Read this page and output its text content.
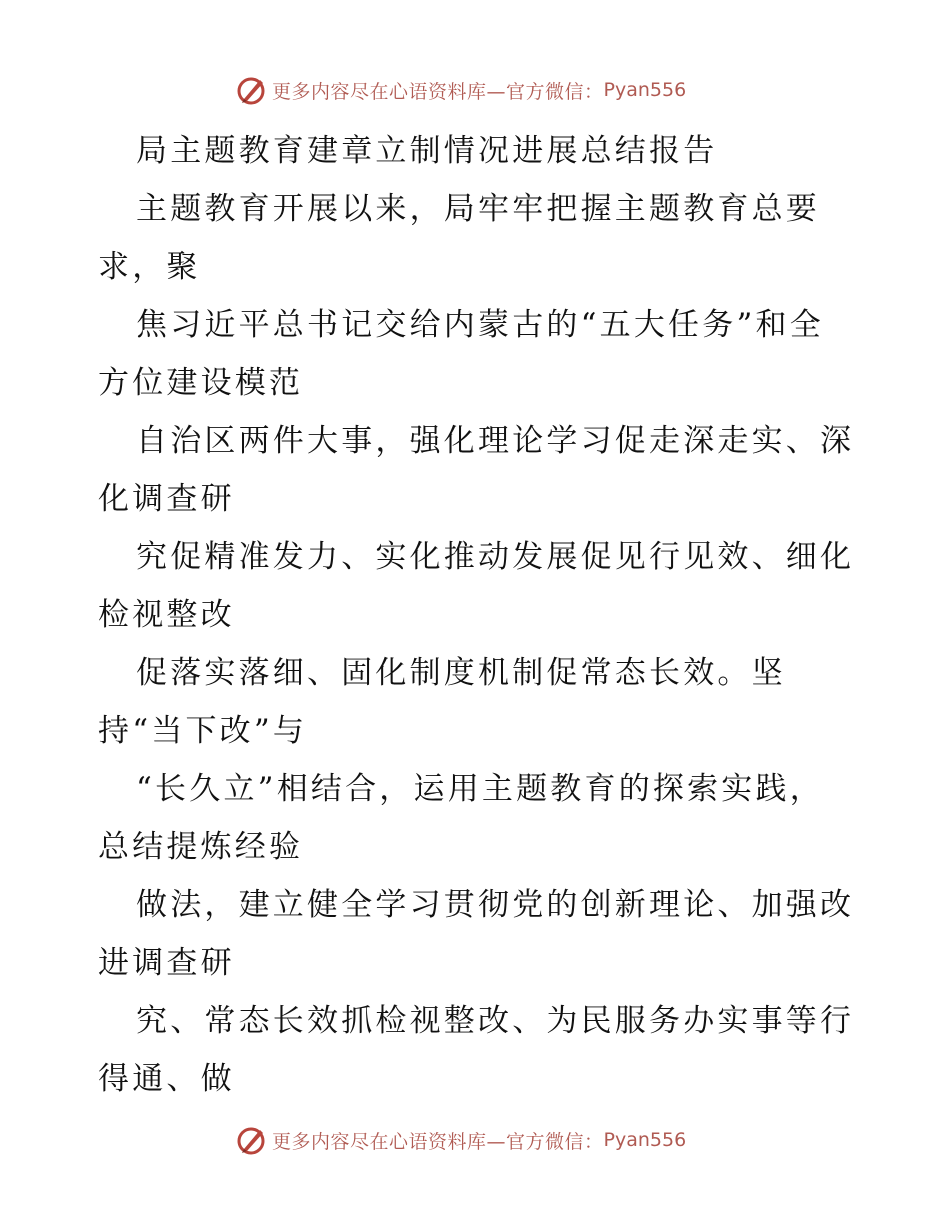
更多内容尽在心语资料库—官方微信： Pyan556
局主题教育建章立制情况进展总结报告
主题教育开展以来，局牢牢把握主题教育总要
求，聚
焦习近平总书记交给内蒙古的“五大任务”和全
方位建设模范
自治区两件大事，强化理论学习促走深走实、深
化调查研
究促精准发力、实化推动发展促见行见效、细化
检视整改
促落实落细、固化制度机制促常态长效。坚
持“当下改”与
“长久立”相结合，运用主题教育的探索实践，
总结提炼经验
做法，建立健全学习贯彻党的创新理论、加强改
进调查研
究、常态长效抓检视整改、为民服务办实事等行
得通、做
更多内容尽在心语资料库—官方微信： Pyan556
